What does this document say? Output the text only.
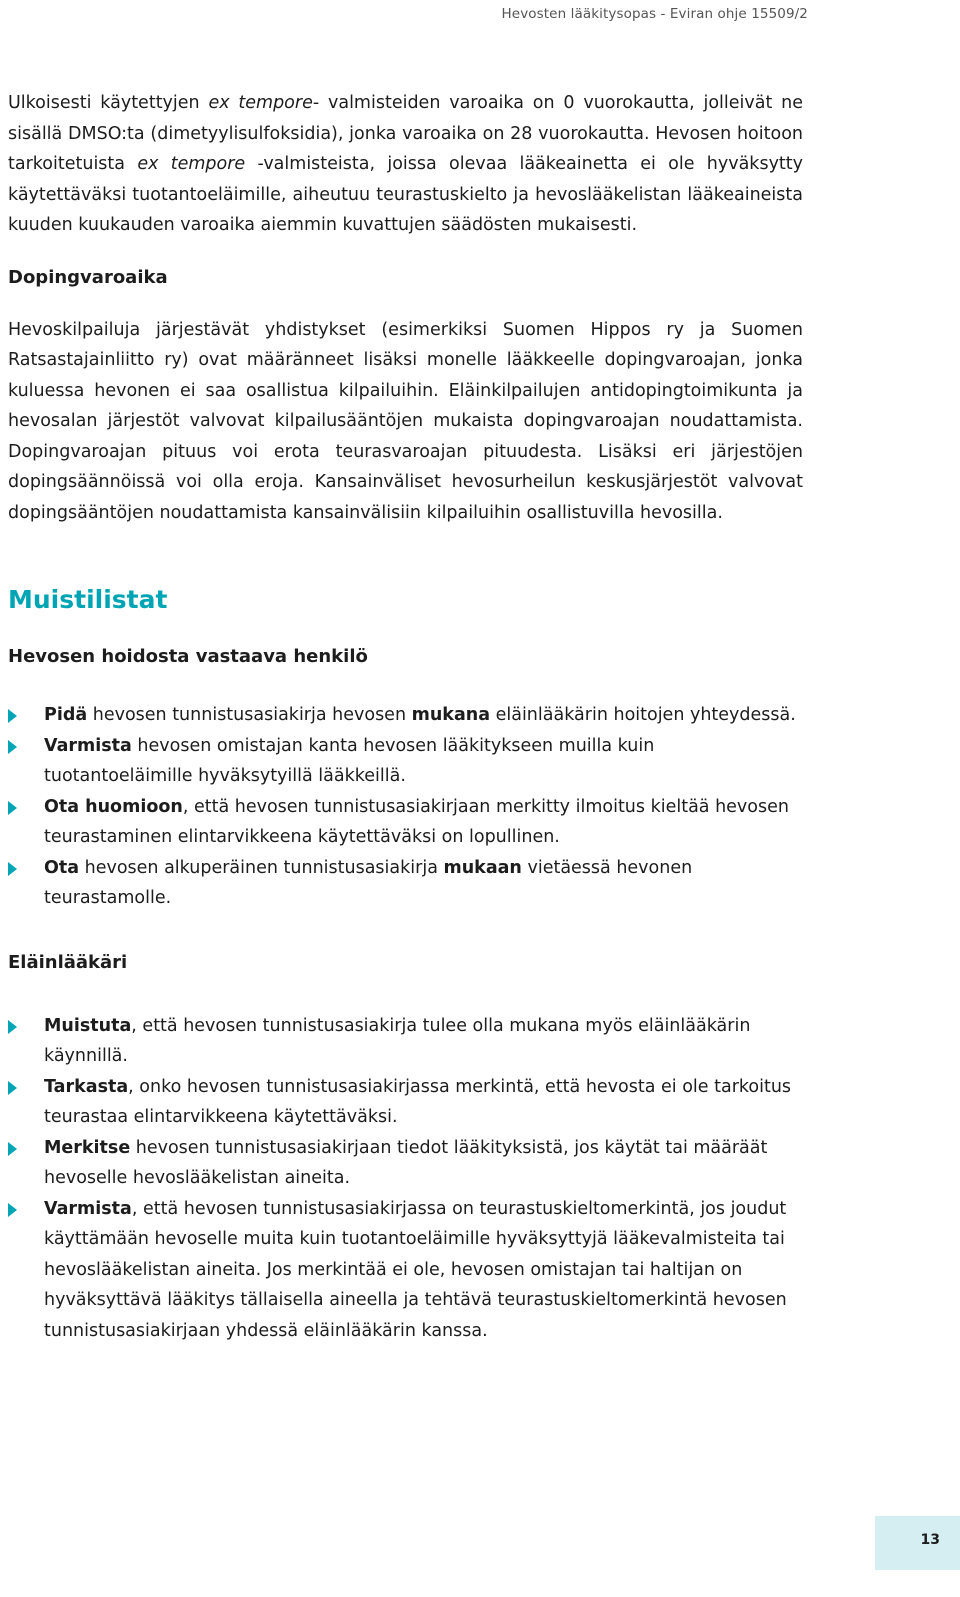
Hevosten lääkitysopas - Eviran ohje 15509/2

Ulkoisesti käytettyjen ex tempore- valmisteiden varoaika on 0 vuorokautta, jolleivät ne sisällä DMSO:ta (dimetyylisulfoksidia), jonka varoaika on 28 vuorokautta. Hevosen hoitoon tarkoitetuista ex tempore -valmisteista, joissa olevaa lääkeainetta ei ole hyväksytty käytettäväksi tuotantoeläimille, aiheutuu teurastuskielto ja hevoslääkelistan lääkeaineista kuuden kuukauden varoaika aiemmin kuvattujen säädösten mukaisesti.

Dopingvaroaika

Hevoskilpailuja järjestävät yhdistykset (esimerkiksi Suomen Hippos ry ja Suomen Ratsastajainliitto ry) ovat määränneet lisäksi monelle lääkkeelle dopingvaroajan, jonka kuluessa hevonen ei saa osallistua kilpailuihin. Eläinkilpailujen antidopingtoimikunta ja hevosalan järjestöt valvovat kilpailusääntöjen mukaista dopingvaroajan noudattamista. Dopingvaroajan pituus voi erota teurasvaroajan pituudesta. Lisäksi eri järjestöjen dopingsäännöissä voi olla eroja. Kansainväliset hevosurheilun keskusjärjestöt valvovat dopingsääntöjen noudattamista kansainvälisiin kilpailuihin osallistuvilla hevosilla.

Muistilistat
Hevosen hoidosta vastaava henkilö
Pidä hevosen tunnistusasiakirja hevosen mukana eläinlääkärin hoitojen yhteydessä.
Varmista hevosen omistajan kanta hevosen lääkitykseen muilla kuin tuotantoeläimille hyväksytyillä lääkkeillä.
Ota huomioon, että hevosen tunnistusasiakirjaan merkitty ilmoitus kieltää hevosen teurastaminen elintarvikkeena käytettäväksi on lopullinen.
Ota hevosen alkuperäinen tunnistusasiakirja mukaan vietäessä hevonen teurastamolle.
Eläinlääkäri
Muistuta, että hevosen tunnistusasiakirja tulee olla mukana myös eläinlääkärin käynnillä.
Tarkasta, onko hevosen tunnistusasiakirjassa merkintä, että hevosta ei ole tarkoitus teurastaa elintarvikkeena käytettäväksi.
Merkitse hevosen tunnistusasiakirjaan tiedot lääkityksistä, jos käytät tai määräät hevoselle hevoslääkelistan aineita.
Varmista, että hevosen tunnistusasiakirjassa on teurastuskieltomerkintä, jos joudut käyttämään hevoselle muita kuin tuotantoeläimille hyväksyttyjä lääkevalmisteita tai hevoslääkelistan aineita. Jos merkintää ei ole, hevosen omistajan tai haltijan on hyväksyttävä lääkitys tällaisella aineella ja tehtävä teurastuskieltomerkintä hevosen tunnistusasiakirjaan yhdessä eläinlääkärin kanssa.
13
